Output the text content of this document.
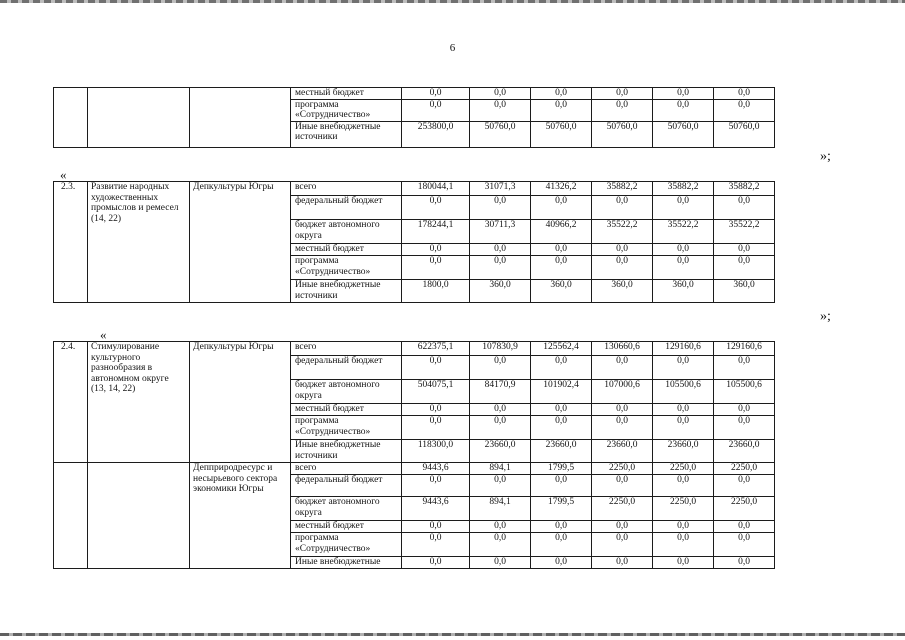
6
			местный бюджет	0,0	0,0	0,0	0,0	0,0	0,0
			программа «Сотрудничество»	0,0	0,0	0,0	0,0	0,0	0,0
			Иные внебюджетные источники	253800,0	50760,0	50760,0	50760,0	50760,0	50760,0
»;
«
2.3.	Развитие народных художественных промыслов и ремесел (14, 22)	Депкультуры Югры	всего	180044,1	31071,3	41326,2	35882,2	35882,2	35882,2
			федеральный бюджет	0,0	0,0	0,0	0,0	0,0	0,0
			бюджет автономного округа	178244,1	30711,3	40966,2	35522,2	35522,2	35522,2
			местный бюджет	0,0	0,0	0,0	0,0	0,0	0,0
			программа «Сотрудничество»	0,0	0,0	0,0	0,0	0,0	0,0
			Иные внебюджетные источники	1800,0	360,0	360,0	360,0	360,0	360,0
»;
«
2.4.	Стимулирование культурного разнообразия в автономном округе (13, 14, 22)	Депкультуры Югры	всего	622375,1	107830,9	125562,4	130660,6	129160,6	129160,6
			федеральный бюджет	0,0	0,0	0,0	0,0	0,0	0,0
			бюджет автономного округа	504075,1	84170,9	101902,4	107000,6	105500,6	105500,6
			местный бюджет	0,0	0,0	0,0	0,0	0,0	0,0
			программа «Сотрудничество»	0,0	0,0	0,0	0,0	0,0	0,0
			Иные внебюджетные источники	118300,0	23660,0	23660,0	23660,0	23660,0	23660,0
		Депприродресурс и несырьевого сектора экономики Югры	всего	9443,6	894,1	1799,5	2250,0	2250,0	2250,0
			федеральный бюджет	0,0	0,0	0,0	0,0	0,0	0,0
			бюджет автономного округа	9443,6	894,1	1799,5	2250,0	2250,0	2250,0
			местный бюджет	0,0	0,0	0,0	0,0	0,0	0,0
			программа «Сотрудничество»	0,0	0,0	0,0	0,0	0,0	0,0
			Иные внебюджетные	0,0	0,0	0,0	0,0	0,0	0,0
